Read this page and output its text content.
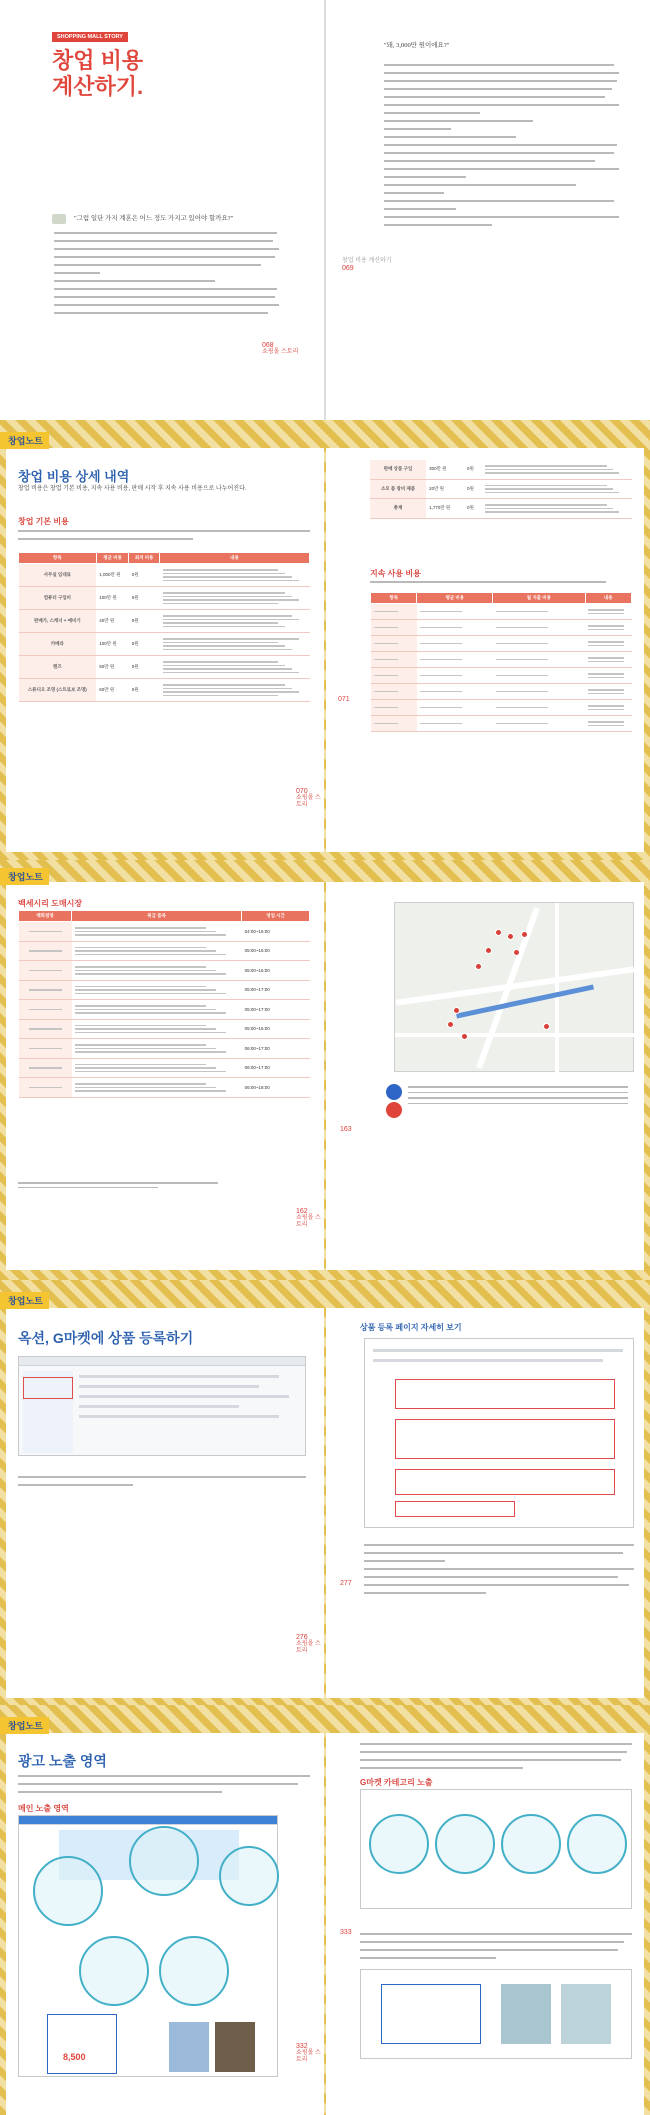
SHOPPING MALL STORY
창업 비용
계산하기.
"그럼 일단 가지 계혼은 어느 정도 가지고 있어야 할까요?"
068
쇼핑몰 스토리
"돼, 3,000만 원이에요?"
창업 비용 계산하기
069
창업노트
창업 비용 상세 내역
창업 비용은 창업 기본 비용, 지속 사용 비용, 판매 시작 후 지속 사용 비용으로 나누어진다.
창업 기본 비용
항목	평균 비용	최저 비용	내용
사무실 임대료	1,000만 원	0원	

컴퓨터 구입비	100만 원	0원	

판매가, 스캐너 + 예비기	40만 원	0원	

카메라	100만 원	0원	

렌즈	50만 원	0원	

스튜디오 조명 (스트로보 조명)	60만 원	0원	
070
쇼핑몰 스토리
판매 상품 구입	300만 원	0원	

소모 품 창비 제품	20만 원	0원	

총계	1,770만 원	0원	
지속 사용 비용
항목	평균 비용	월 지출 비용	내용

071
창업노트
백세시리 도매시장
백화점명	취급 품목	영업 시간

	04:00~16:00

	05:00~16:00

	05:00~16:00

	05:00~17:00

	05:00~17:00

	05:00~16:00

	06:00~17:00

	06:00~17:00

	06:00~18:00
162
쇼핑몰 스토리
163
창업노트
옥션, G마켓에 상품 등록하기
276
쇼핑몰 스토리
상품 등록 페이지 자세히 보기
277
창업노트
광고 노출 영역
메인 노출 영역
8,500
332
쇼핑몰 스토리
G마켓 카테고리 노출
333
